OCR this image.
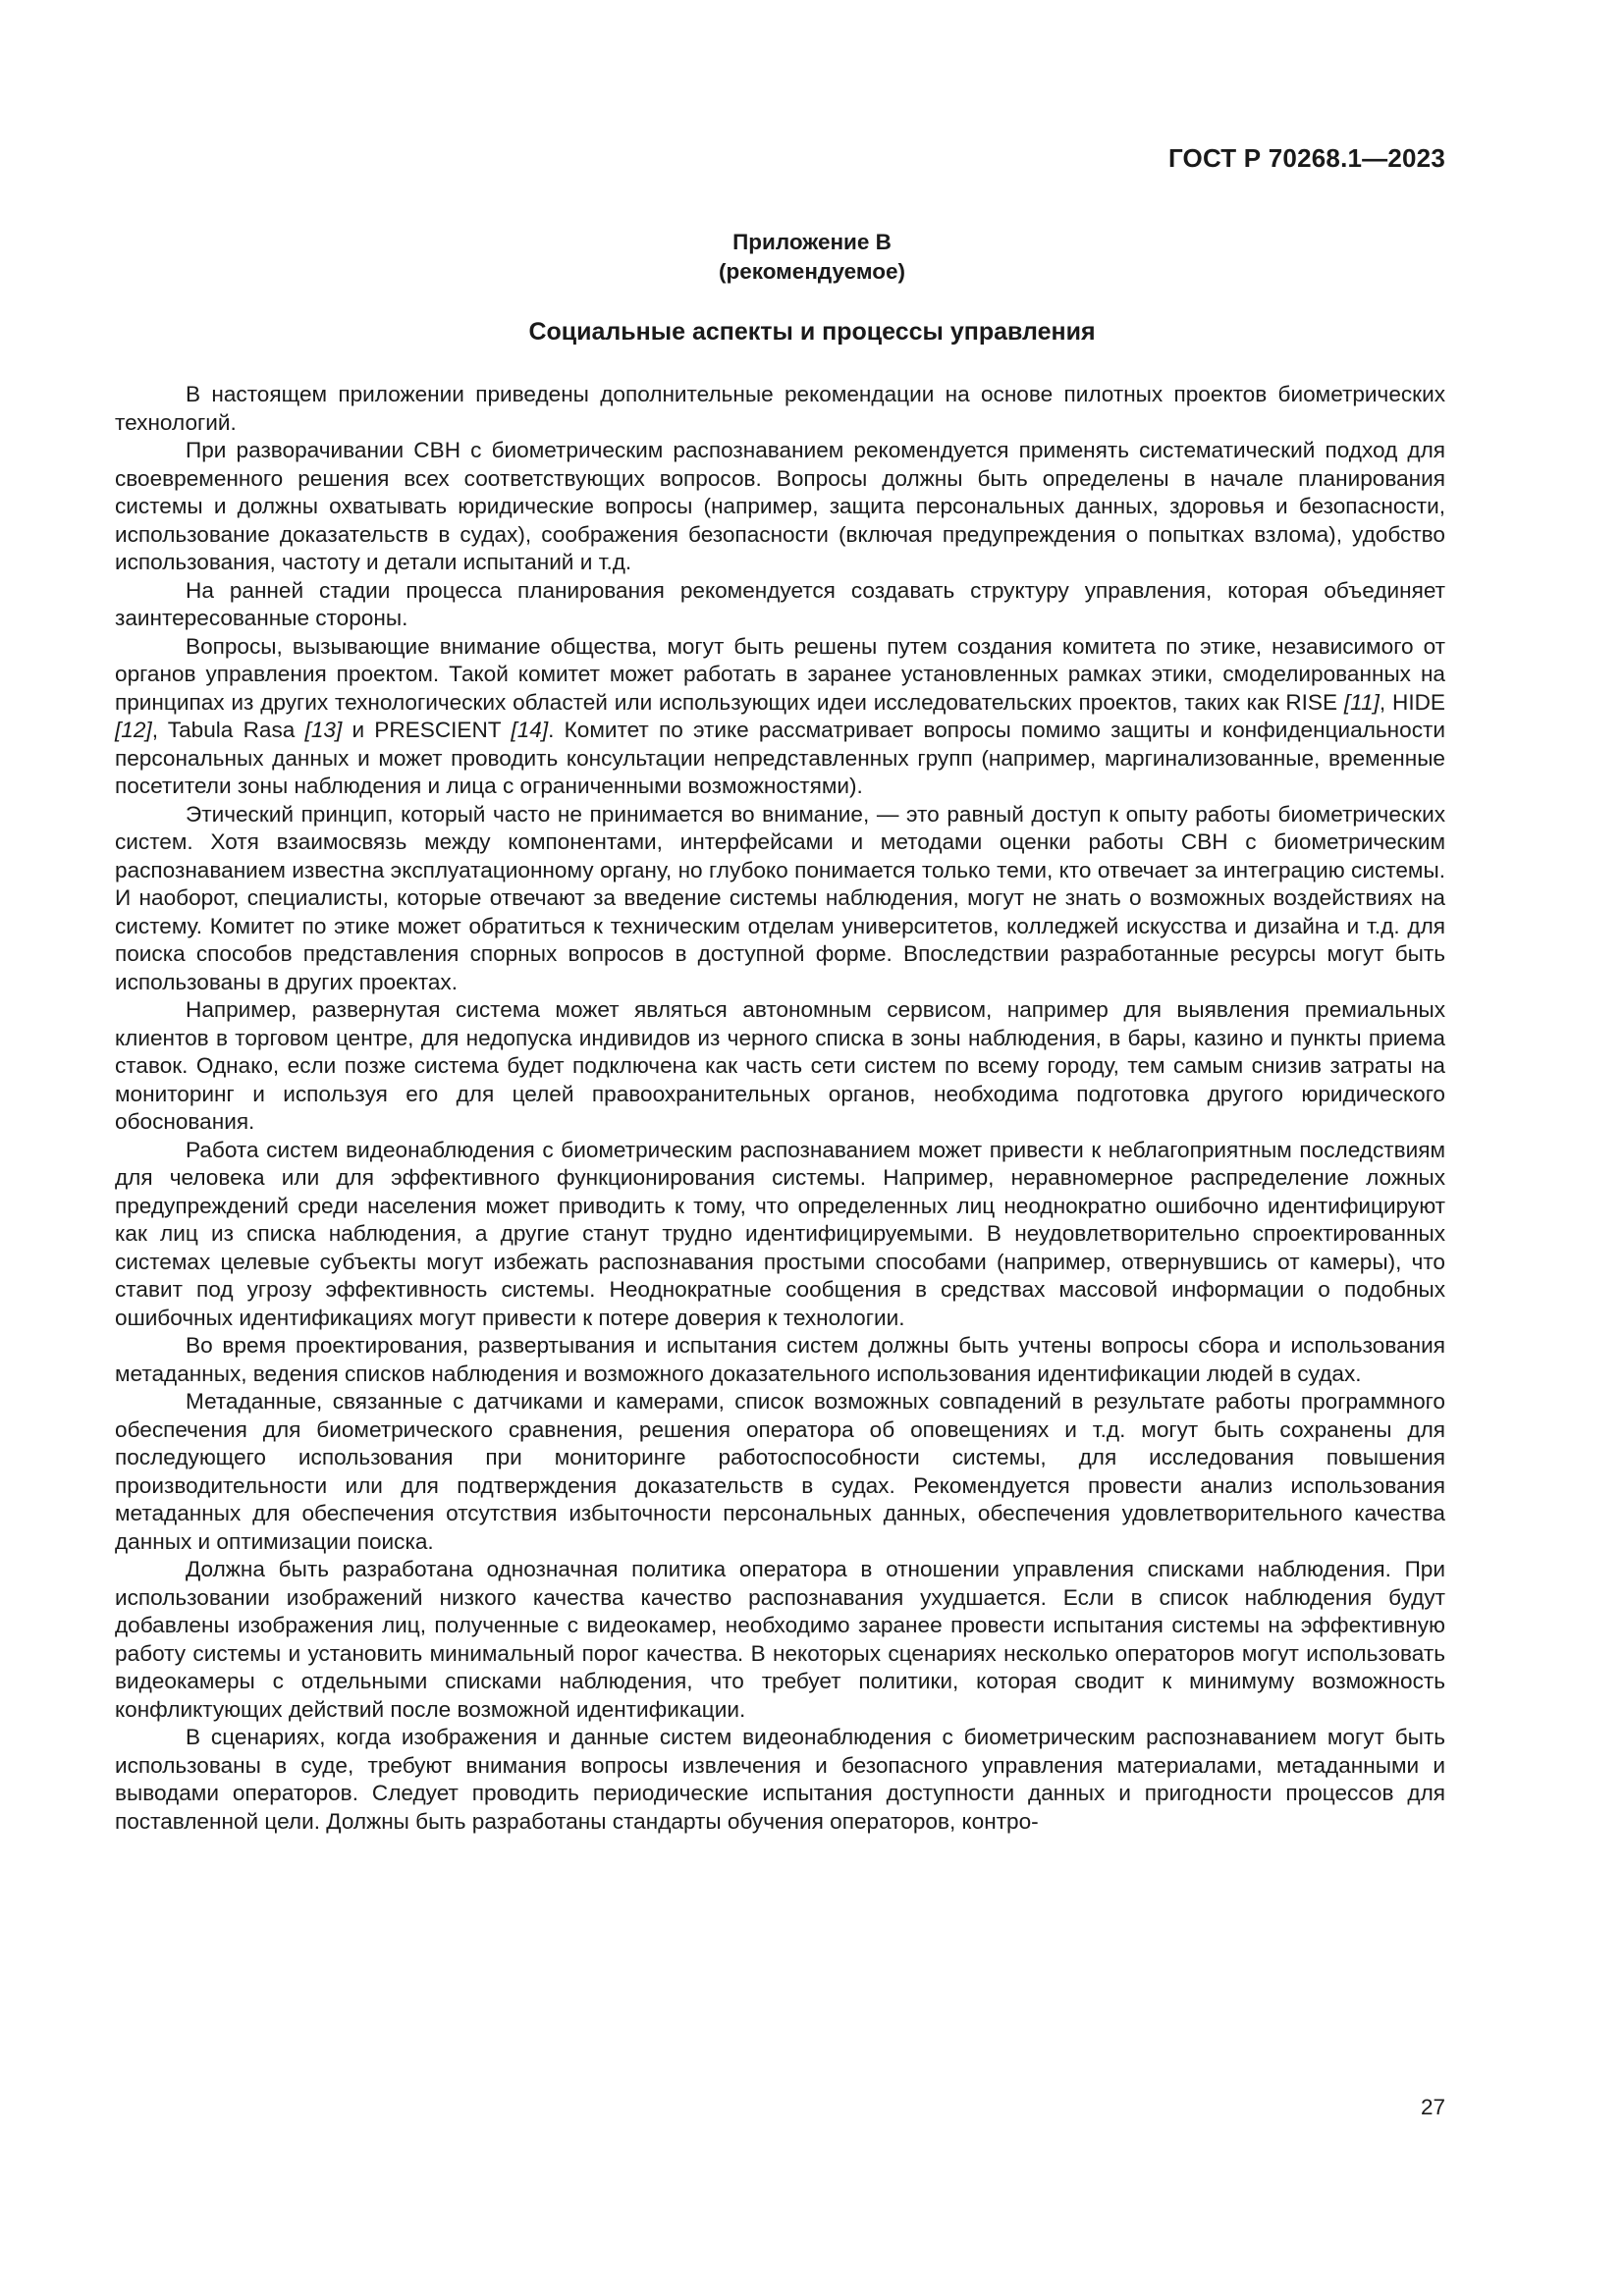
ГОСТ Р 70268.1—2023
Приложение В
(рекомендуемое)
Социальные аспекты и процессы управления

В настоящем приложении приведены дополнительные рекомендации на основе пилотных проектов биометрических технологий.

При разворачивании СВН с биометрическим распознаванием рекомендуется применять систематический подход для своевременного решения всех соответствующих вопросов. Вопросы должны быть определены в начале планирования системы и должны охватывать юридические вопросы (например, защита персональных данных, здоровья и безопасности, использование доказательств в судах), соображения безопасности (включая предупреждения о попытках взлома), удобство использования, частоту и детали испытаний и т.д.

На ранней стадии процесса планирования рекомендуется создавать структуру управления, которая объединяет заинтересованные стороны.

Вопросы, вызывающие внимание общества, могут быть решены путем создания комитета по этике, независимого от органов управления проектом. Такой комитет может работать в заранее установленных рамках этики, смоделированных на принципах из других технологических областей или использующих идеи исследовательских проектов, таких как RISE [11], HIDE [12], Tabula Rasa [13] и PRESCIENT [14]. Комитет по этике рассматривает вопросы помимо защиты и конфиденциальности персональных данных и может проводить консультации непредставленных групп (например, маргинализованные, временные посетители зоны наблюдения и лица с ограниченными возможностями).

Этический принцип, который часто не принимается во внимание, — это равный доступ к опыту работы биометрических систем. Хотя взаимосвязь между компонентами, интерфейсами и методами оценки работы СВН с биометрическим распознаванием известна эксплуатационному органу, но глубоко понимается только теми, кто отвечает за интеграцию системы. И наоборот, специалисты, которые отвечают за введение системы наблюдения, могут не знать о возможных воздействиях на систему. Комитет по этике может обратиться к техническим отделам университетов, колледжей искусства и дизайна и т.д. для поиска способов представления спорных вопросов в доступной форме. Впоследствии разработанные ресурсы могут быть использованы в других проектах.

Например, развернутая система может являться автономным сервисом, например для выявления премиальных клиентов в торговом центре, для недопуска индивидов из черного списка в зоны наблюдения, в бары, казино и пункты приема ставок. Однако, если позже система будет подключена как часть сети систем по всему городу, тем самым снизив затраты на мониторинг и используя его для целей правоохранительных органов, необходима подготовка другого юридического обоснования.

Работа систем видеонаблюдения с биометрическим распознаванием может привести к неблагоприятным последствиям для человека или для эффективного функционирования системы. Например, неравномерное распределение ложных предупреждений среди населения может приводить к тому, что определенных лиц неоднократно ошибочно идентифицируют как лиц из списка наблюдения, а другие станут трудно идентифицируемыми. В неудовлетворительно спроектированных системах целевые субъекты могут избежать распознавания простыми способами (например, отвернувшись от камеры), что ставит под угрозу эффективность системы. Неоднократные сообщения в средствах массовой информации о подобных ошибочных идентификациях могут привести к потере доверия к технологии.

Во время проектирования, развертывания и испытания систем должны быть учтены вопросы сбора и использования метаданных, ведения списков наблюдения и возможного доказательного использования идентификации людей в судах.

Метаданные, связанные с датчиками и камерами, список возможных совпадений в результате работы программного обеспечения для биометрического сравнения, решения оператора об оповещениях и т.д. могут быть сохранены для последующего использования при мониторинге работоспособности системы, для исследования повышения производительности или для подтверждения доказательств в судах. Рекомендуется провести анализ использования метаданных для обеспечения отсутствия избыточности персональных данных, обеспечения удовлетворительного качества данных и оптимизации поиска.

Должна быть разработана однозначная политика оператора в отношении управления списками наблюдения. При использовании изображений низкого качества качество распознавания ухудшается. Если в список наблюдения будут добавлены изображения лиц, полученные с видеокамер, необходимо заранее провести испытания системы на эффективную работу системы и установить минимальный порог качества. В некоторых сценариях несколько операторов могут использовать видеокамеры с отдельными списками наблюдения, что требует политики, которая сводит к минимуму возможность конфликтующих действий после возможной идентификации.

В сценариях, когда изображения и данные систем видеонаблюдения с биометрическим распознаванием могут быть использованы в суде, требуют внимания вопросы извлечения и безопасного управления материалами, метаданными и выводами операторов. Следует проводить периодические испытания доступности данных и пригодности процессов для поставленной цели. Должны быть разработаны стандарты обучения операторов, контро-

27
